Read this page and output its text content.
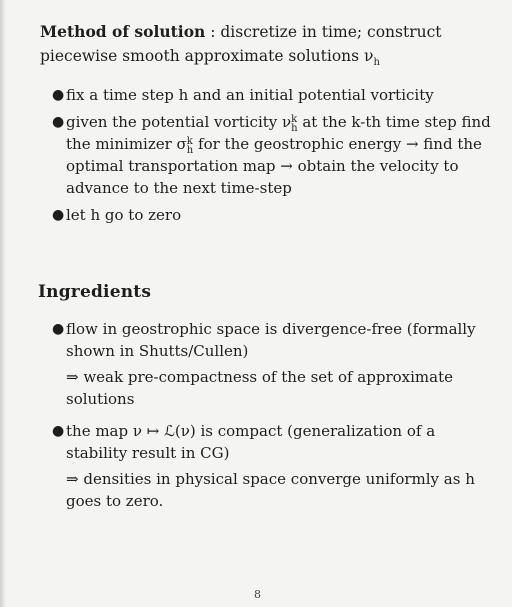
Method of solution : discretize in time; construct piecewise smooth approximate solutions $\nu_h$

● fix a time step h and an initial potential vorticity
● given the potential vorticity ν k
h at the k-th time step find the minimizer σ k
h for the geostrophic energy → find the optimal transportation map → obtain the velocity to advance to the next time-step
● let h go to zero
Ingredients
● flow in geostrophic space is divergence-free (formally shown in Shutts/Cullen)
⇒ weak pre-compactness of the set of approximate solutions
● the map ν ↦ ℒ(ν) is compact (generalization of a stability result in CG)
⇒ densities in physical space converge uniformly as h goes to zero.
8
